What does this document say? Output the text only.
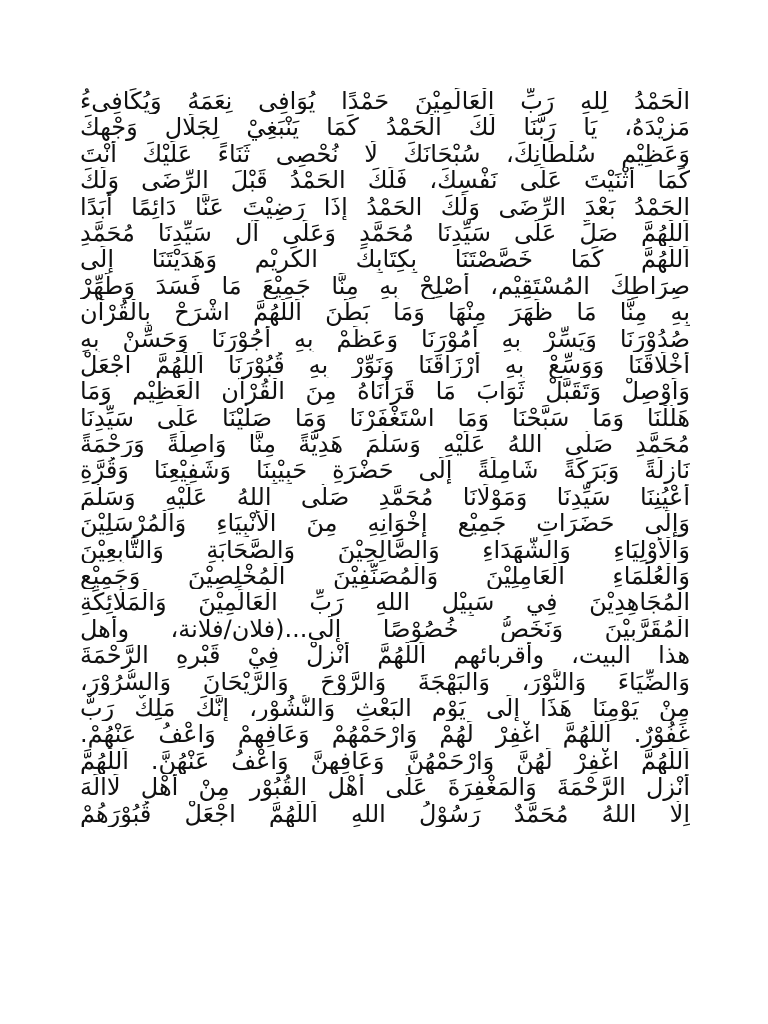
الْحَمْدُ لِلهِ رَبِّ الْعَالَمِيْنَ حَمْدًا يُوَافِى نِعَمَهُ وَيُكَافِىءُ
مَزِيْدَهُ، يَا رَبَّنَا لَكَ الْحَمْدُ كَمَا يَنْبَغِيْ لِجَلَالِ وَجْهِكَ
وَعَظِيْمِ سُلْطَانِكَ، سُبْحَانَكَ لَا نُحْصِى ثَنَاءً عَلَيْكَ أَنْتَ
كَمَا أَثْنَيْتَ عَلَى نَفْسِكَ، فَلَكَ الحَمْدُ قَبْلَ الرِّضَى وَلَكَ
الحَمْدُ بَعْدَ الرِّضَى وَلَكَ الحَمْدُ إِذَا رَضِيْتَ عَنَّا دَائِمًا أَبَدًا
اَللّٰهُمَّ صَلِّ عَلَى سَيِّدِنَا مُحَمَّدٍ وَعَلَى آلِ سَيِّدِنَا مُحَمَّدٍ
اَللّٰهُمَّ كَمَا خَصَّصْتَنَا بِكِتَابِكَ الكَرِيْمِ وَهَدَيْتَنَا إِلَى
صِرَاطِكَ المُسْتَقِيْمِ، أَصْلِحْ بِهِ مِنَّا جَمِيْعَ مَا فَسَدَ وَطَهِّرْ
بِهِ مِنَّا مَا ظَهَرَ مِنْهَا وَمَا بَطَنَ اَللّٰهُمَّ اشْرَحْ بِالْقُرْآنِ
صُدُوْرَنَا وَيَسِّرْ بِهِ أُمُوْرَنَا وَعَظِّمْ بِهِ أُجُوْرَنَا وَحَسِّنْ بِهِ
أَخْلَاقَنَا وَوَسِّعْ بِهِ أَرْزَاقَنَا وَنَوِّرْ بِهِ قُبُوْرَنَا اَللّٰهُمَّ اجْعَلْ
وَاَوْصِلْ وَتَقَبَّلْ ثَوَابَ مَا قَرَأْنَاهُ مِنَ الْقُرْآنِ الْعَظِيْمِ وَمَا
هَلَّلْنَا وَمَا سَبَّحْنَا وَمَا اسْتَغْفَرْنَا وَمَا صَلَّيْنَا عَلَى سَيِّدِنَا
مُحَمَّدٍ صَلَّى اللهُ عَلَيْهِ وَسَلَّمَ هَدِيَّةً مِنَّا وَاصِلَةً وَرَحْمَةً
نَازِلَةً وَبَرَكَةً شَامِلَةً إِلَى حَضْرَةِ حَبِيْبِنَا وَشَفِيْعِنَا وَقُرَّةِ
أَعْيُنِنَا سَيِّدِنَا وَمَوْلَانَا مُحَمَّدٍ صَلَّى اللهُ عَلَيْهِ وَسَلَّمَ
وَإِلَى حَضَرَاتِ جَمِيْعِ إِخْوَانِهِ مِنَ الْأَنْبِيَاءِ وَالْمُرْسَلِيْنَ
وَالْأَوْلِيَاءِ وَالشُّهَدَاءِ وَالصَّالِحِيْنَ وَالصَّحَابَةِ وَالتَّابِعِيْنَ
وَالْعُلَمَاءِ الْعَامِلِيْنَ وَالْمُصَنِّفِيْنَ الْمُخْلِصِيْنَ وَجَمِيْعِ
الْمُجَاهِدِيْنَ فِي سَبِيْلِ اللهِ رَبِّ الْعَالَمِيْنَ وَالْمَلَائِكَةِ
الْمُقَرَّبِيْنَ وَنَخَصُّ خُصُوْصًا إِلَى...(فلان/فلانة، وأهل
هذا البيت، وأقربائهم اَللّٰهُمَّ أَنْزِلْ فِيْ قَبْرِهِ الرَّحْمَةَ
وَالضِّيَاءَ وَالنُّوْرَ، وَالبَهْجَةَ وَالرَّوْحَ وَالرَّيْحَانَ وَالسُّرُوْرَ،
مِنْ يَوْمِنَا هَذَا إِلَى يَوْمِ البَعْثِ وَالنُّشُوْرِ، إِنَّكَ مَلِكٌ رَبٌّ
غَفُوْرٌ. اَللّٰهُمَّ اغْفِرْ لَهُمْ وَارْحَمْهُمْ وَعَافِهِمْ وَاعْفُ عَنْهُمْ.
اَللّٰهُمَّ اغْفِرْ لَهُنَّ وَارْحَمْهُنَّ وَعَافِهِنَّ وَاعْفُ عَنْهُنَّ. اَللّٰهُمَّ
أَنْزِلِ الرَّحْمَةَ وَالمَغْفِرَةَ عَلَى أَهْلِ القُبُوْرِ مِنْ أَهْلِ لَاالَهَ
اِلَّا اللهُ مُحَمَّدٌ رَسُوْلُ اللهِ اَللّٰهُمَّ اجْعَلْ قُبُوْرَهُمْ
